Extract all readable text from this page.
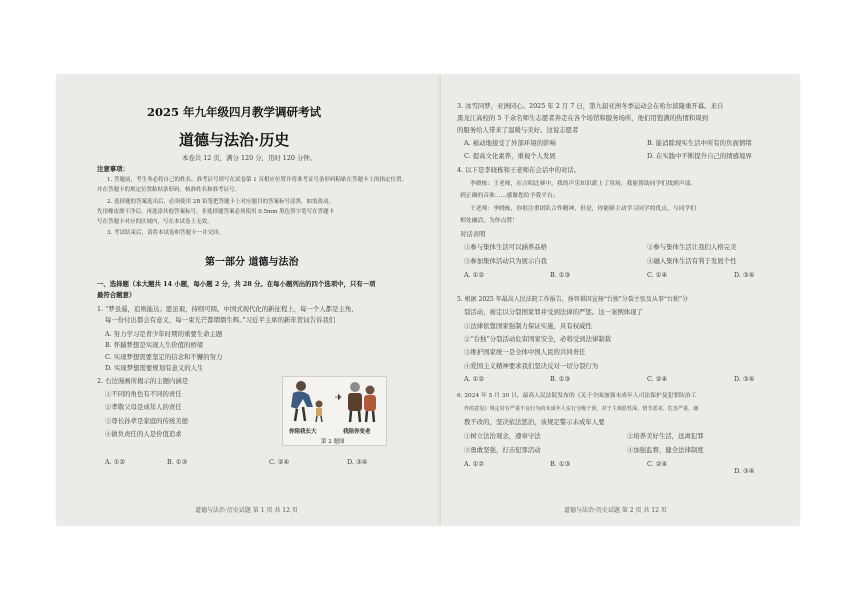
2025 年九年级四月教学调研考试
道德与法治·历史
本卷共 12 页，满分 120 分，用时 120 分钟。
注意事项：
1. 答题前，考生务必将自己的姓名、准考证号填写在试卷第 1 页相应位置并将准考证号条形码粘贴在答题卡上的指定位置。
并在答题卡的规定位置粘贴条形码。核准姓名和准考证号。
2. 选择题的答案选出后，必须使用 2B 铅笔把答题卡上对应题目的答案标号涂黑，如需改动，
先用橡皮擦干净后，再选涂其他答案标号。非选择题答案必须使用 0.5mm 黑色签字笔写在答题卡
写在答题卡对应的区域内，写在本试卷上无效。
3. 考试结束后，请将本试卷和答题卡一并交回。
第一部分 道德与法治
一、选择题（本大题共 14 小题，每小题 2 分，共 28 分。在每小题列出的四个选项中，只有一项
最符合题意）
1. “梦虽遥，追则能达；愿虽艰，持则可圆。中国式现代化的新征程上，每一个人都是主角，
每一份付出都会有意义，每一束光芒都熠熠生辉。”习近平主席的新年贺词告诉我们
A. 努力学习是青少年时期的重要生命主题
B. 怀揣梦想是实现人生价值的桥梁
C. 实现梦想需要坚定的信念和不懈的努力
D. 实现梦想需要规划有意义的人生
2. 右边漫画所揭示的主题内涵是
①不同的角色有不同的责任
②孝敬父母是成年人的责任
③尊长孙辈是家庭的传统美德
④做负责任的人是价值追求
A. ①②	B. ①③	C. ②④	D. ③④
你陪我长大	我陪你变老
第 2 题图
道德与法治·历史试题 第 1 页 共 12 页
3. 冰雪同梦，亚洲同心。2025 年 2 月 7 日，第九届亚洲冬季运动会在哈尔滨隆重开幕。来自
黑龙江高校的 5 千余名师生志愿者奔走在各个场馆和服务场所，他们用饱满的热情和周到
的服务给人带来了温暖与美好。这说志愿者
A. 被动地接受了外部环境的影响	B. 能消除现实生活中所有的负面情绪
C. 提高文化素养，重视个人发展	D. 在实践中不断提升自己的情感境界
4. 以下是李晓栋和王老师在会话中的对话。
李晓栋：王老师，在合唱比赛中，我的声乐知识派上了用场，我能帮助同学们找到声部。
到正确的音准……感谢您给予我平台。
王老师：李晓栋，你很注重团队合作精神，但是，你能够主动学习同学的优点，与同学们
相处融洽，为你点赞！
对话表明
①参与集体生活可以涵养品格	②参与集体生活让我们人格完美
③参加集体活动只为展示自我	④融入集体生活有利于发展个性
A. ①②	B. ①③	C. ①④	D. ③④
5. 根据 2025 年最高人民法院工作报告，扬智祺因宣扬“台独”分裂主张及从事“台独”分
裂活动，被定以分裂国家罪并受到法律的严惩。这一案例体现了
①法律依靠国家强制力保证实施，具有权威性
②“台独”分裂活动危害国家安全，必将受到法律制裁
③维护国家统一是全体中国人民的共同责任
④爱国主义精神要求我们坚决反对一切分裂行为
A. ①②	B. ①③	C. ②④	D. ③④
6. 2024 年 5 月 30 日，最高人民法院发布的《关于全面加强未成年人司法保护及犯罪防治工
作的意见》规定对有严重不良行为的未成年人实行分级干预，对于主观恶性深、情节恶劣、危害严重，屡
教不改的，坚决依法惩治，该规定警示未成年人要
①树立法治观念，遵章守法	②培养美好生活，远离犯罪
③勇敢坚强，打击犯罪活动	④加强监督，健全法律制度
A. ①②	B. ①③	C. ②④
D. ③④
道德与法治·历史试题 第 2 页 共 12 页
